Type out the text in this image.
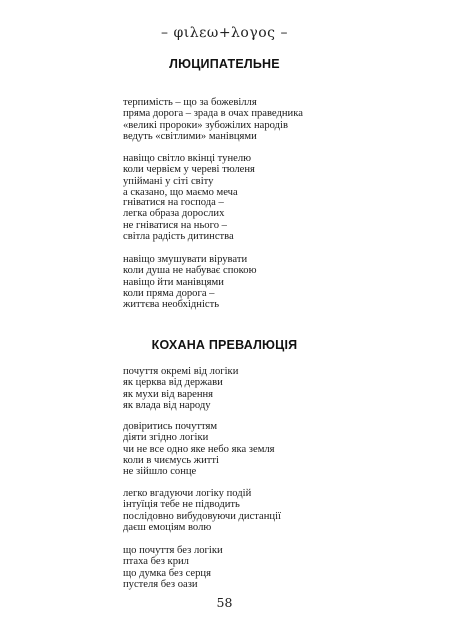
– φιλεω+λογος –
ЛЮЦИПАТЕЛЬНЕ
терпимість – що за божевілля
пряма дорога – зрада в очах праведника
«великі пророки» зубожілих народів
ведуть «світлими» манівцями
навіщо світло вкінці тунелю
коли червієм у череві тюленя
упіймані у сіті світу
а сказано, що маємо меча
гніватися на господа –
легка образа дорослих
не гніватися на нього –
світла радість дитинства
навіщо змушувати вірувати
коли душа не набуває спокою
навіщо йти манівцями
коли пряма дорога –
життєва необхідність
КОХАНА ПРЕВАЛЮЦІЯ
почуття окремі від логіки
як церква від держави
як мухи від варення
як влада від народу
довіритись почуттям
діяти згідно логіки
чи не все одно яке небо яка земля
коли в чиємусь житті
не зійшло сонце
легко вгадуючи логіку подій
інтуїція тебе не підводить
послідовно вибудовуючи дистанції
даєш емоціям волю
що почуття без логіки
птаха без крил
що думка без серця
пустеля без оази
58
